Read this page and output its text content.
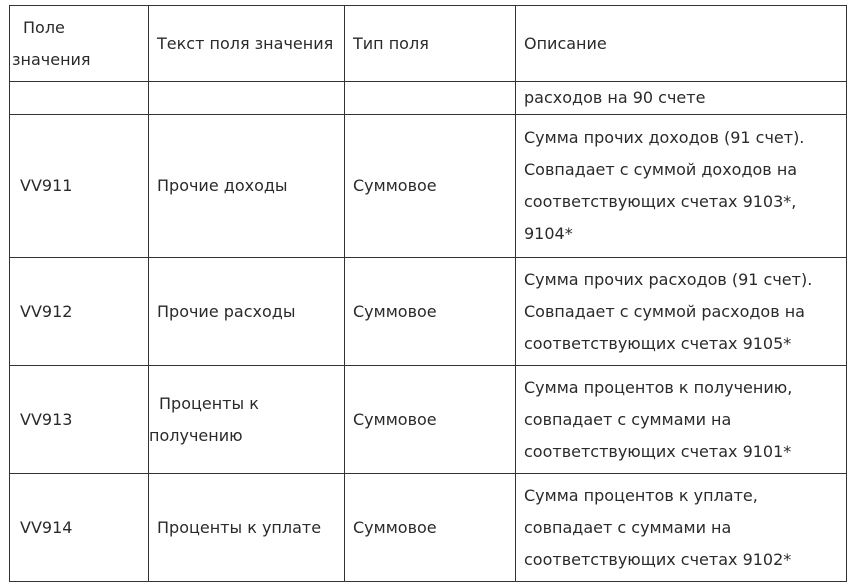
Поле
значения	Текст поля значения	Тип поля	Описание

			расходов на 90 счете

VV911	Прочие доходы	Суммовое	Сумма прочих доходов (91 счет).
Совпадает с суммой доходов на
соответствующих счетах 9103*,
9104*

VV912	Прочие расходы	Суммовое	Сумма прочих расходов (91 счет).
Совпадает с суммой расходов на
соответствующих счетах 9105*

VV913	Проценты к
получению	Суммовое	Сумма процентов к получению,
совпадает с суммами на
соответствующих счетах 9101*

VV914	Проценты к уплате	Суммовое	Сумма процентов к уплате,
совпадает с суммами на
соответствующих счетах 9102*
